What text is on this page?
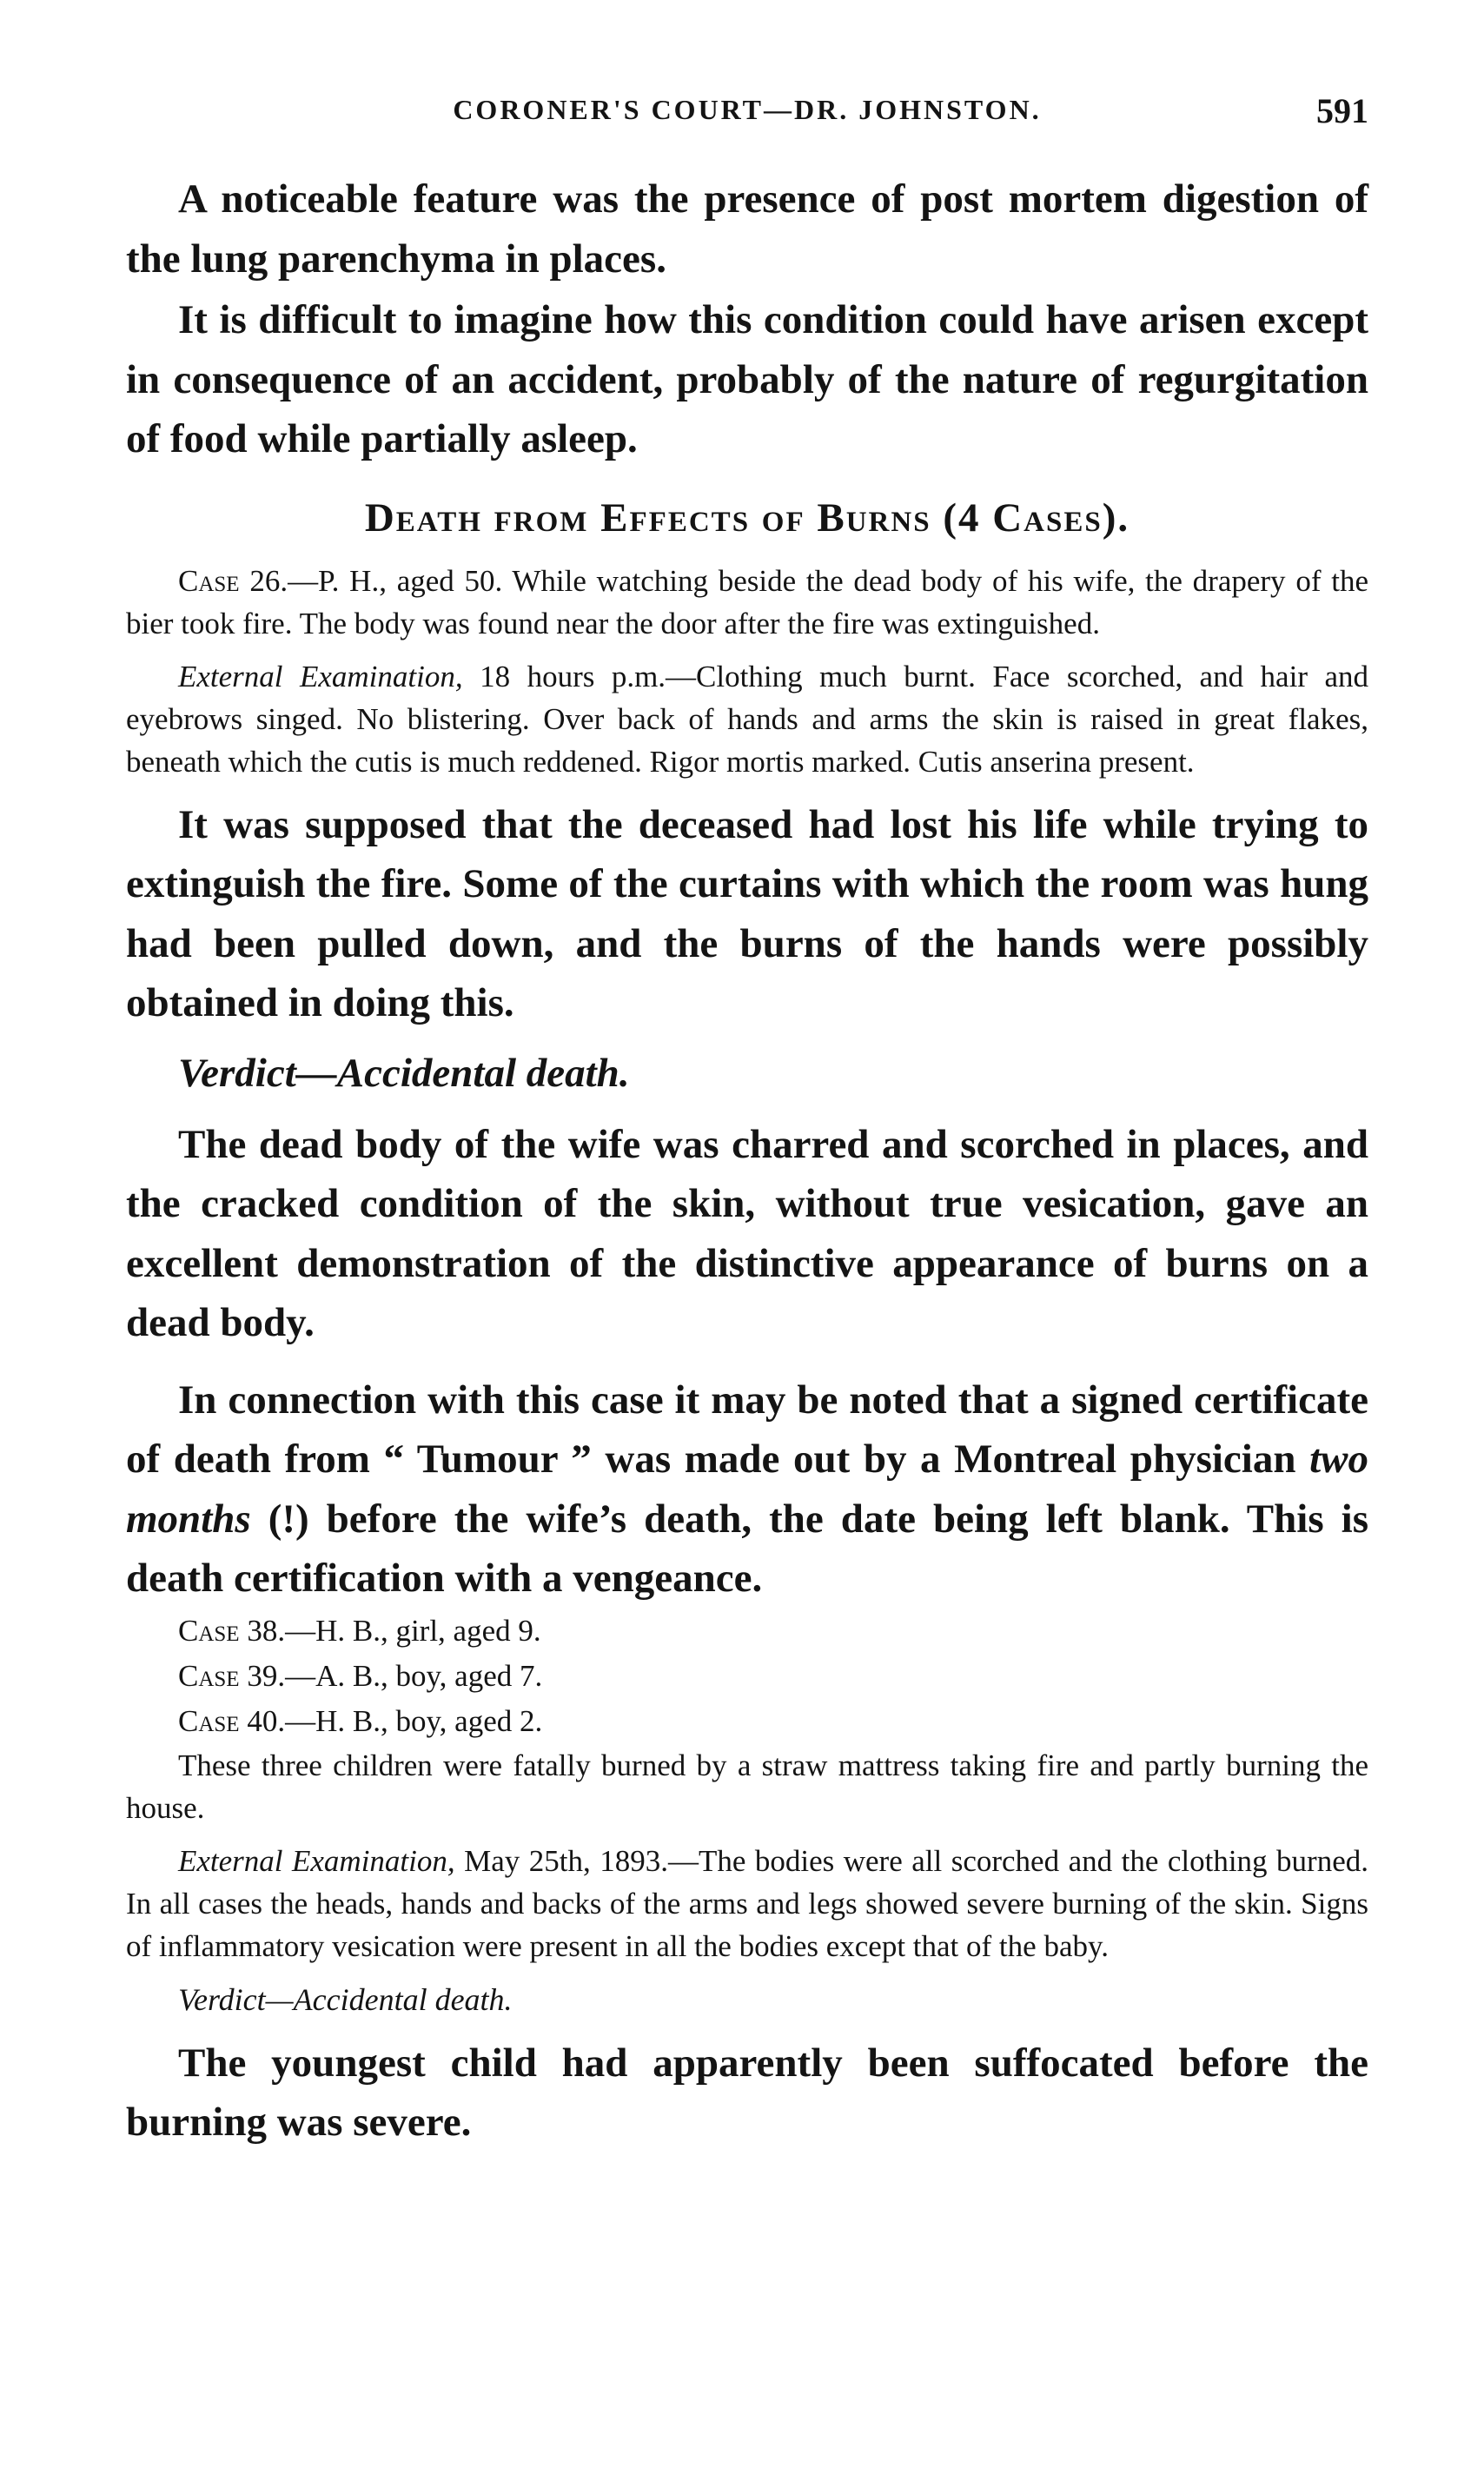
CORONER'S COURT—DR. JOHNSTON.	591

A noticeable feature was the presence of post mortem digestion of the lung parenchyma in places.

It is difficult to imagine how this condition could have arisen except in consequence of an accident, probably of the nature of regurgitation of food while partially asleep.

Death from Effects of Burns (4 Cases).

Case 26.—P. H., aged 50. While watching beside the dead body of his wife, the drapery of the bier took fire. The body was found near the door after the fire was extinguished.

External Examination, 18 hours p.m.—Clothing much burnt. Face scorched, and hair and eyebrows singed. No blistering. Over back of hands and arms the skin is raised in great flakes, beneath which the cutis is much reddened. Rigor mortis marked. Cutis anserina present.

It was supposed that the deceased had lost his life while trying to extinguish the fire. Some of the curtains with which the room was hung had been pulled down, and the burns of the hands were possibly obtained in doing this.

Verdict—Accidental death.

The dead body of the wife was charred and scorched in places, and the cracked condition of the skin, without true vesication, gave an excellent demonstration of the distinctive appearance of burns on a dead body.

In connection with this case it may be noted that a signed certificate of death from “ Tumour ” was made out by a Montreal physician two months (!) before the wife’s death, the date being left blank. This is death certification with a vengeance.

Case 38.—H. B., girl, aged 9.

Case 39.—A. B., boy, aged 7.

Case 40.—H. B., boy, aged 2.

These three children were fatally burned by a straw mattress taking fire and partly burning the house.

External Examination, May 25th, 1893.—The bodies were all scorched and the clothing burned. In all cases the heads, hands and backs of the arms and legs showed severe burning of the skin. Signs of inflammatory vesication were present in all the bodies except that of the baby.

Verdict—Accidental death.

The youngest child had apparently been suffocated before the burning was severe.
